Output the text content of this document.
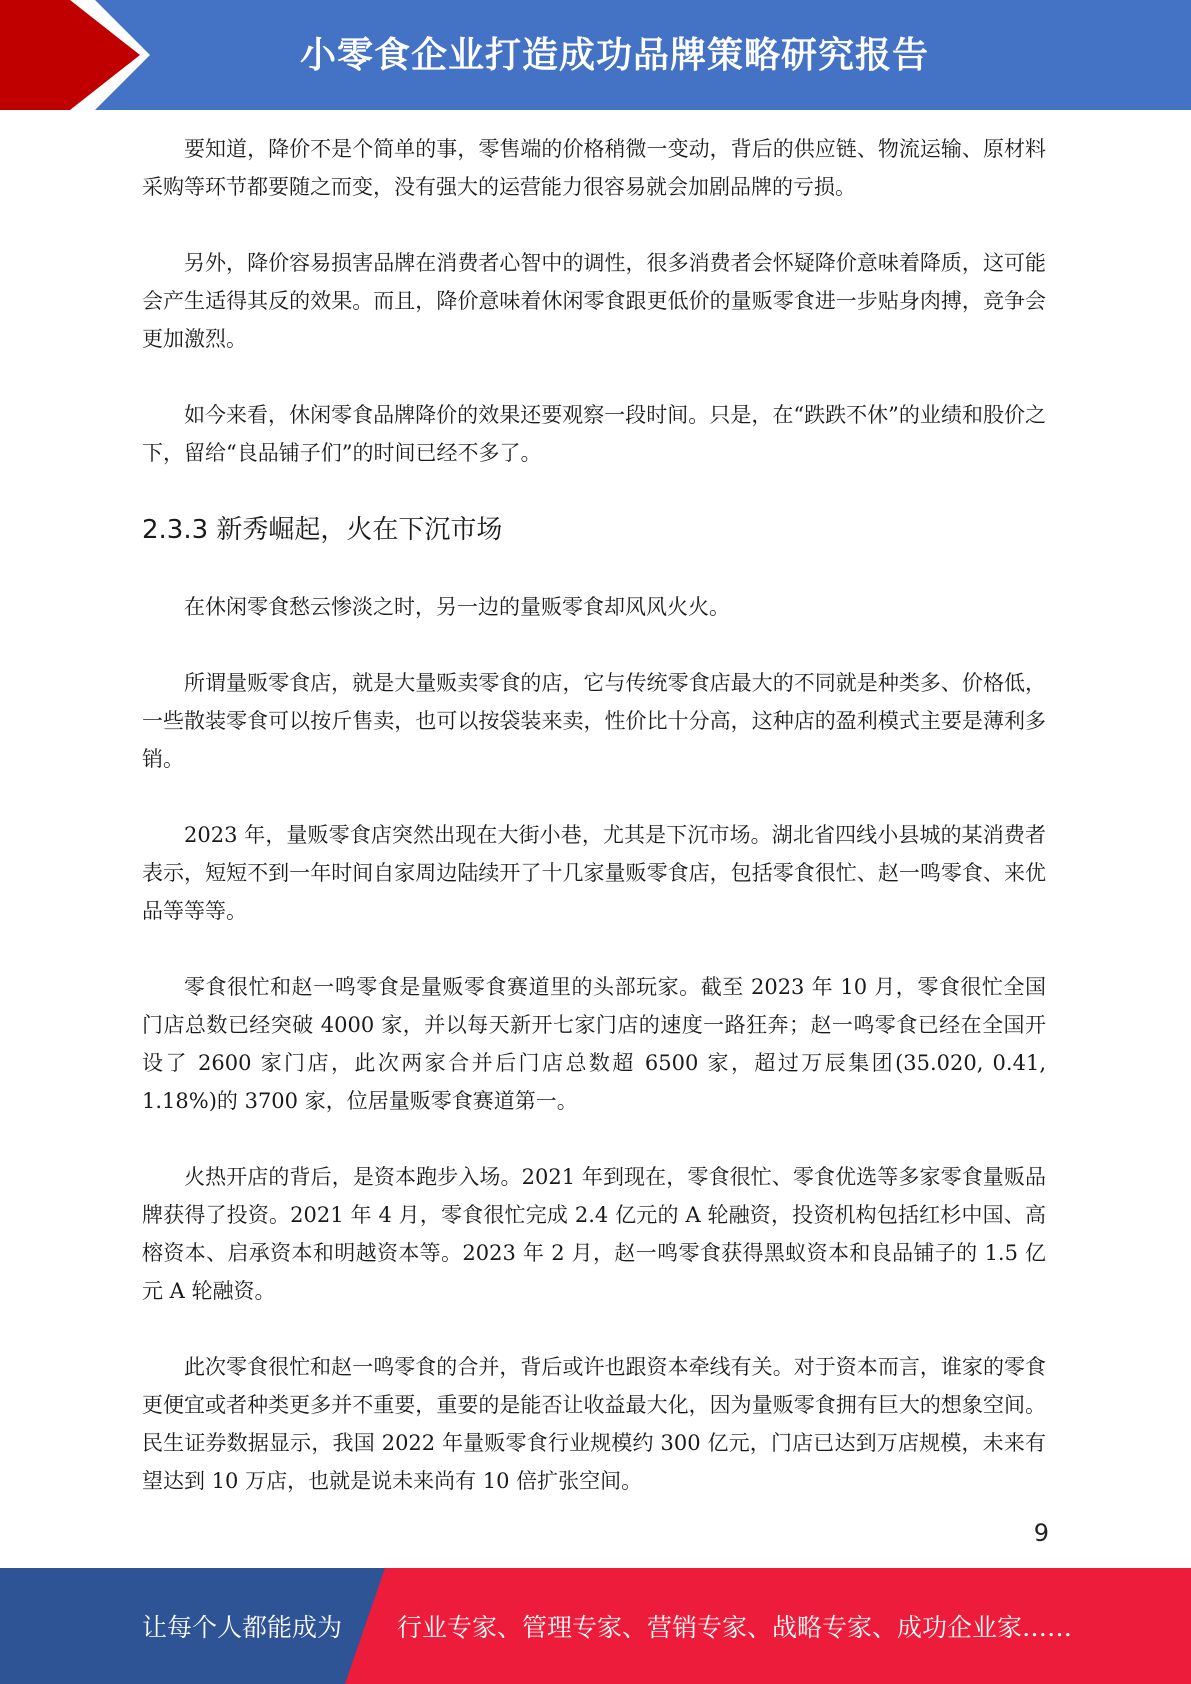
小零食企业打造成功品牌策略研究报告

要知道，降价不是个简单的事，零售端的价格稍微一变动，背后的供应链、物流运输、原材料采购等环节都要随之而变，没有强大的运营能力很容易就会加剧品牌的亏损。

另外，降价容易损害品牌在消费者心智中的调性，很多消费者会怀疑降价意味着降质，这可能会产生适得其反的效果。而且，降价意味着休闲零食跟更低价的量贩零食进一步贴身肉搏，竞争会更加激烈。

如今来看，休闲零食品牌降价的效果还要观察一段时间。只是，在“跌跌不休”的业绩和股价之下，留给“良品铺子们”的时间已经不多了。

2.3.3 新秀崛起，火在下沉市场

在休闲零食愁云惨淡之时，另一边的量贩零食却风风火火。

所谓量贩零食店，就是大量贩卖零食的店，它与传统零食店最大的不同就是种类多、价格低，一些散装零食可以按斤售卖，也可以按袋装来卖，性价比十分高，这种店的盈利模式主要是薄利多销。

2023 年，量贩零食店突然出现在大街小巷，尤其是下沉市场。湖北省四线小县城的某消费者表示，短短不到一年时间自家周边陆续开了十几家量贩零食店，包括零食很忙、赵一鸣零食、来优品等等等。

零食很忙和赵一鸣零食是量贩零食赛道里的头部玩家。截至 2023 年 10 月，零食很忙全国门店总数已经突破 4000 家，并以每天新开七家门店的速度一路狂奔；赵一鸣零食已经在全国开设了 2600 家门店，此次两家合并后门店总数超 6500 家，超过万辰集团(35.020, 0.41, 1.18%)的 3700 家，位居量贩零食赛道第一。

火热开店的背后，是资本跑步入场。2021 年到现在，零食很忙、零食优选等多家零食量贩品牌获得了投资。2021 年 4 月，零食很忙完成 2.4 亿元的 A 轮融资，投资机构包括红杉中国、高榕资本、启承资本和明越资本等。2023 年 2 月，赵一鸣零食获得黑蚁资本和良品铺子的 1.5 亿元 A 轮融资。

此次零食很忙和赵一鸣零食的合并，背后或许也跟资本牵线有关。对于资本而言，谁家的零食更便宜或者种类更多并不重要，重要的是能否让收益最大化，因为量贩零食拥有巨大的想象空间。民生证券数据显示，我国 2022 年量贩零食行业规模约 300 亿元，门店已达到万店规模，未来有望达到 10 万店，也就是说未来尚有 10 倍扩张空间。

9
让每个人都能成为 行业专家、管理专家、营销专家、战略专家、成功企业家……
